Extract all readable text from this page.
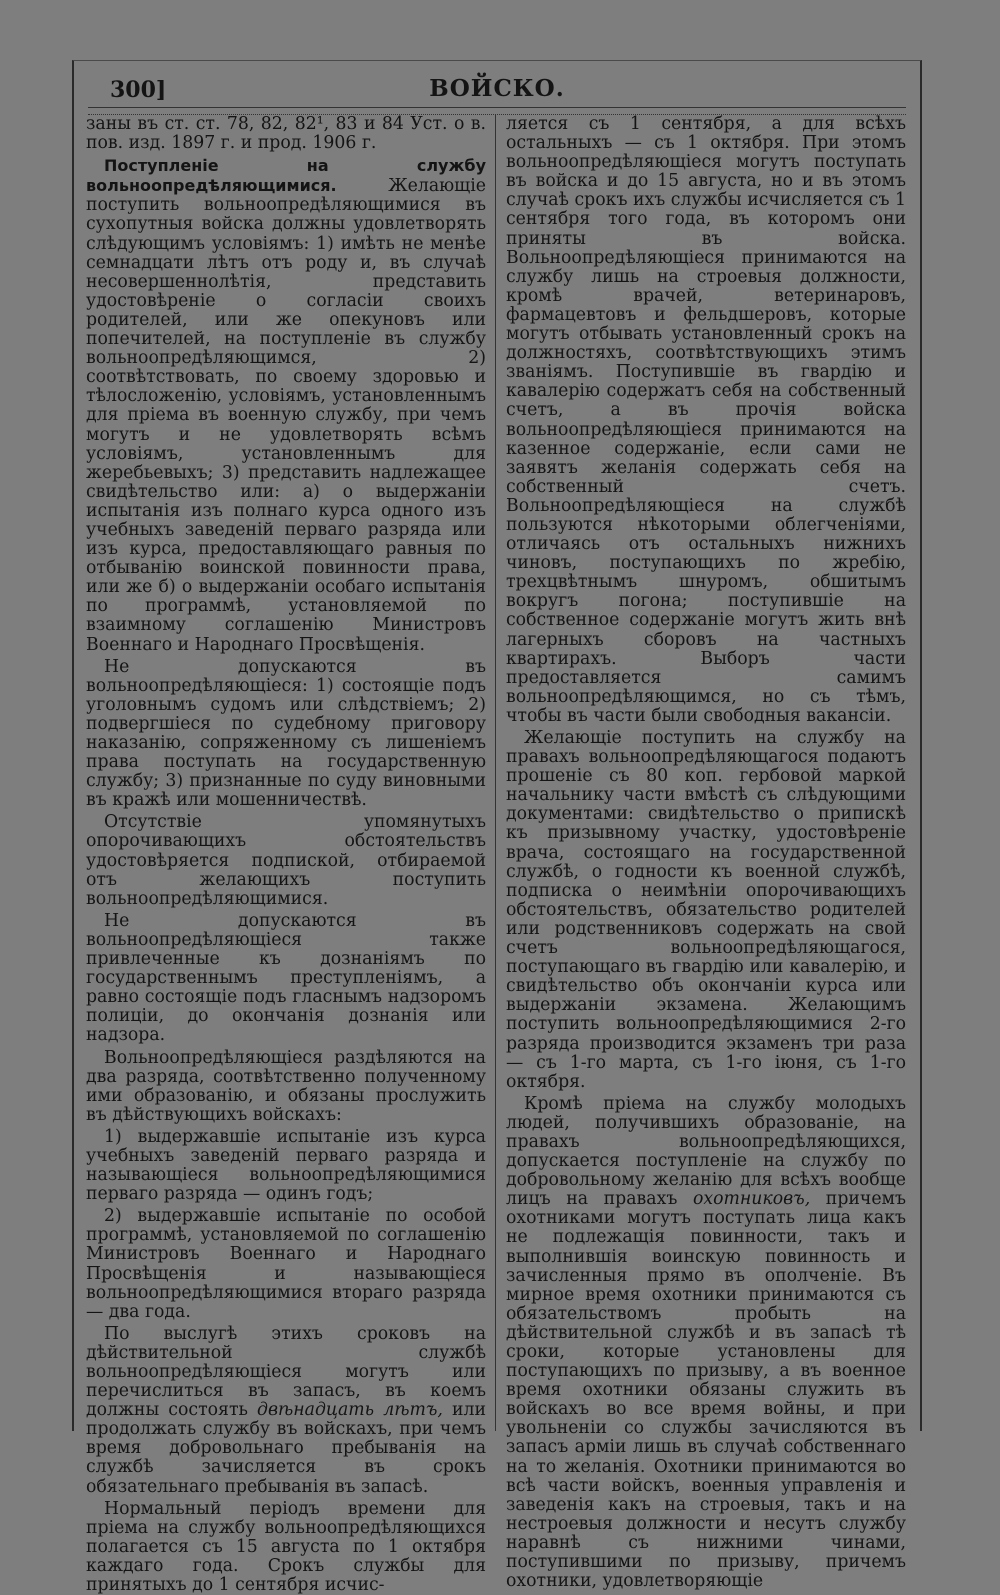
300]	ВОЙСКО.

заны въ ст. ст. 78, 82, 82¹, 83 и 84 Уст. о в. пов. изд. 1897 г. и прод. 1906 г.

Поступленіе на службу вольноопредѣляющимися. Желающіе поступить вольноопредѣляющимися въ сухопутныя войска должны удовлетворять слѣдующимъ условіямъ: 1) имѣть не менѣе семнадцати лѣтъ отъ роду и, въ случаѣ несовершеннолѣтія, представить удостовѣреніе о согласіи своихъ родителей, или же опекуновъ или попечителей, на поступленіе въ службу вольноопредѣляющимся, 2) соотвѣтствовать, по своему здоровью и тѣлосложенію, условіямъ, установленнымъ для пріема въ военную службу, при чемъ могутъ и не удовлетворять всѣмъ условіямъ, установленнымъ для жеребьевыхъ; 3) представить надлежащее свидѣтельство или: а) о выдержаніи испытанія изъ полнаго курса одного изъ учебныхъ заведеній перваго разряда или изъ курса, предоставляющаго равныя по отбыванію воинской повинности права, или же б) о выдержаніи особаго испытанія по программѣ, установляемой по взаимному соглашенію Министровъ Военнаго и Народнаго Просвѣщенія.

Не допускаются въ вольноопредѣляющіеся: 1) состоящіе подъ уголовнымъ судомъ или слѣдствіемъ; 2) подвергшіеся по судебному приговору наказанію, сопряженному съ лишеніемъ права поступать на государственную службу; 3) признанные по суду виновными въ кражѣ или мошенничествѣ.

Отсутствіе упомянутыхъ опорочивающихъ обстоятельствъ удостовѣряется подпиской, отбираемой отъ желающихъ поступить вольноопредѣляющимися.

Не допускаются въ вольноопредѣляющіеся также привлеченные къ дознаніямъ по государственнымъ преступленіямъ, а равно состоящіе подъ гласнымъ надзоромъ полиціи, до окончанія дознанія или надзора.

Вольноопредѣляющіеся раздѣляются на два разряда, соотвѣтственно полученному ими образованію, и обязаны прослужить въ дѣйствующихъ войскахъ:

1) выдержавшіе испытаніе изъ курса учебныхъ заведеній перваго разряда и называющіеся вольноопредѣляющимися перваго разряда — одинъ годъ;

2) выдержавшіе испытаніе по особой программѣ, установляемой по соглашенію Министровъ Военнаго и Народнаго Просвѣщенія и называющіеся вольноопредѣляющимися втораго разряда — два года.

По выслугѣ этихъ сроковъ на дѣйствительной службѣ вольноопредѣляющіеся могутъ или перечислиться въ запасъ, въ коемъ должны состоять двѣнадцать лѣтъ, или продолжать службу въ войскахъ, при чемъ время добровольнаго пребыванія на службѣ зачисляется въ срокъ обязательнаго пребыванія въ запасѣ.

Нормальный періодъ времени для пріема на службу вольноопредѣляющихся полагается съ 15 августа по 1 октября каждаго года. Срокъ службы для принятыхъ до 1 сентября исчис-

ляется съ 1 сентября, а для всѣхъ остальныхъ — съ 1 октября. При этомъ вольноопредѣляющіеся могутъ поступать въ войска и до 15 августа, но и въ этомъ случаѣ срокъ ихъ службы исчисляется съ 1 сентября того года, въ которомъ они приняты въ войска. Вольноопредѣляющіеся принимаются на службу лишь на строевыя должности, кромѣ врачей, ветеринаровъ, фармацевтовъ и фельдшеровъ, которые могутъ отбывать установленный срокъ на должностяхъ, соотвѣтствующихъ этимъ званіямъ. Поступившіе въ гвардію и кавалерію содержатъ себя на собственный счетъ, а въ прочія войска вольноопредѣляющіеся принимаются на казенное содержаніе, если сами не заявятъ желанія содержать себя на собственный счетъ. Вольноопредѣляющіеся на службѣ пользуются нѣкоторыми облегченіями, отличаясь отъ остальныхъ нижнихъ чиновъ, поступающихъ по жребію, трехцвѣтнымъ шнуромъ, обшитымъ вокругъ погона; поступившіе на собственное содержаніе могутъ жить внѣ лагерныхъ сборовъ на частныхъ квартирахъ. Выборъ части предоставляется самимъ вольноопредѣляющимся, но съ тѣмъ, чтобы въ части были свободныя вакансіи.

Желающіе поступить на службу на правахъ вольноопредѣляющагося подаютъ прошеніе съ 80 коп. гербовой маркой начальнику части вмѣстѣ съ слѣдующими документами: свидѣтельство о припискѣ къ призывному участку, удостовѣреніе врача, состоящаго на государственной службѣ, о годности къ военной службѣ, подписка о неимѣніи опорочивающихъ обстоятельствъ, обязательство родителей или родственниковъ содержать на свой счетъ вольноопредѣляющагося, поступающаго въ гвардію или кавалерію, и свидѣтельство объ окончаніи курса или выдержаніи экзамена. Желающимъ поступить вольноопредѣляющимися 2-го разряда производится экзаменъ три раза — съ 1-го марта, съ 1-го іюня, съ 1-го октября.

Кромѣ пріема на службу молодыхъ людей, получившихъ образованіе, на правахъ вольноопредѣляющихся, допускается поступленіе на службу по добровольному желанію для всѣхъ вообще лицъ на правахъ охотниковъ, причемъ охотниками могутъ поступать лица какъ не подлежащія повинности, такъ и выполнившія воинскую повинность и зачисленныя прямо въ ополченіе. Въ мирное время охотники принимаются съ обязательствомъ пробыть на дѣйствительной службѣ и въ запасѣ тѣ сроки, которые установлены для поступающихъ по призыву, а въ военное время охотники обязаны служить въ войскахъ во все время войны, и при увольненіи со службы зачисляются въ запасъ арміи лишь въ случаѣ собственнаго на то желанія. Охотники принимаются во всѣ части войскъ, военныя управленія и заведенія какъ на строевыя, такъ и на нестроевыя должности и несутъ службу наравнѣ съ нижними чинами, поступившими по призыву, причемъ охотники, удовлетворяющіе
